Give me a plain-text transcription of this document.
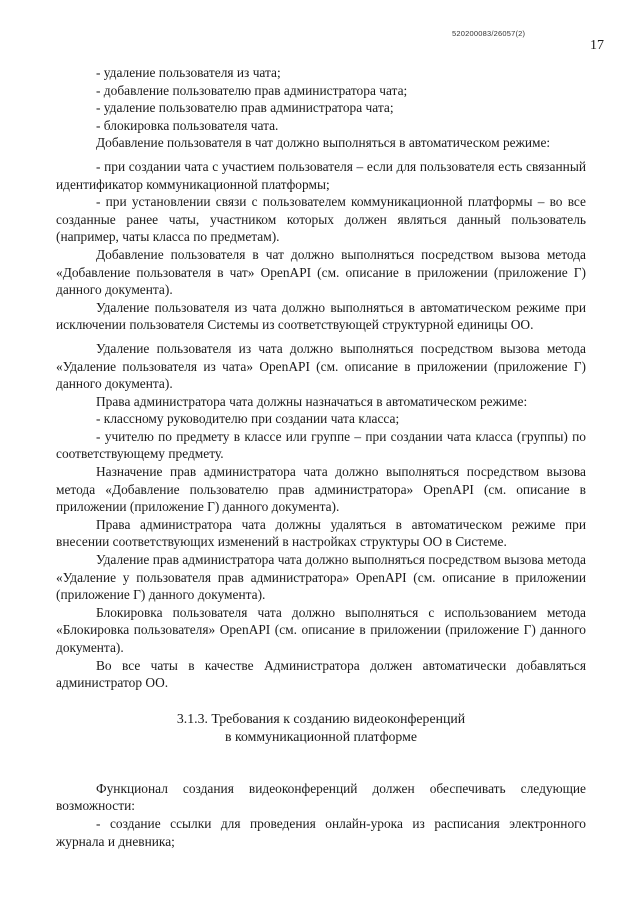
520200083/26057(2)
17

- удаление пользователя из чата;

- добавление пользователю прав администратора чата;

- удаление пользователю прав администратора чата;

- блокировка пользователя чата.

Добавление пользователя в чат должно выполняться в автоматическом режиме:

- при создании чата с участием пользователя – если для пользователя есть связанный идентификатор коммуникационной платформы;

- при установлении связи с пользователем коммуникационной платформы – во все созданные ранее чаты, участником которых должен являться данный пользователь (например, чаты класса по предметам).

Добавление пользователя в чат должно выполняться посредством вызова метода «Добавление пользователя в чат» OpenAPI (см. описание в приложении (приложение Г) данного документа).

Удаление пользователя из чата должно выполняться в автоматическом режиме при исключении пользователя Системы из соответствующей структурной единицы ОО.

Удаление пользователя из чата должно выполняться посредством вызова метода «Удаление пользователя из чата» OpenAPI (см. описание в приложении (приложение Г) данного документа).

Права администратора чата должны назначаться в автоматическом режиме:

- классному руководителю при создании чата класса;

- учителю по предмету в классе или группе – при создании чата класса (группы) по соответствующему предмету.

Назначение прав администратора чата должно выполняться посредством вызова метода «Добавление пользователю прав администратора» OpenAPI (см. описание в приложении (приложение Г) данного документа).

Права администратора чата должны удаляться в автоматическом режиме при внесении соответствующих изменений в настройках структуры ОО в Системе.

Удаление прав администратора чата должно выполняться посредством вызова метода «Удаление у пользователя прав администратора» OpenAPI (см. описание в приложении (приложение Г) данного документа).

Блокировка пользователя чата должно выполняться с использованием метода «Блокировка пользователя» OpenAPI (см. описание в приложении (приложение Г) данного документа).

Во все чаты в качестве Администратора должен автоматически добавляться администратор ОО.

3.1.3. Требования к созданию видеоконференций
в коммуникационной платформе

Функционал создания видеоконференций должен обеспечивать следующие возможности:

- создание ссылки для проведения онлайн-урока из расписания электронного журнала и дневника;
